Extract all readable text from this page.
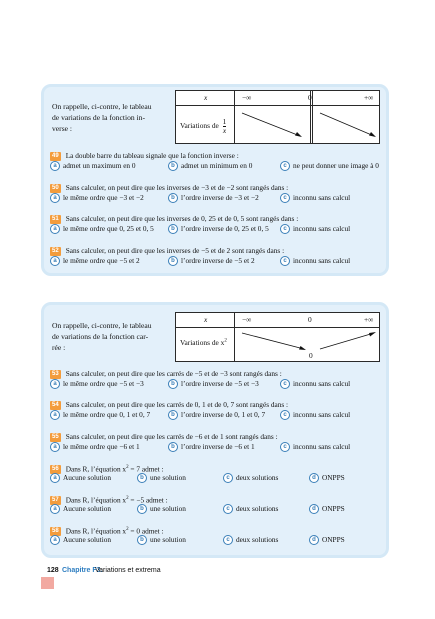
On rappelle, ci-contre, le tableau
de variations de la fonction in-
verse :
x	−∞	0	+∞
Variations de $\frac{1}{x}$
49 La double barre du tableau signale que la fonction inverse :
a admet un maximum en 0	b admet un minimum en 0	c ne peut donner une image à 0
50 Sans calculer, on peut dire que les inverses de −3 et de −2 sont rangés dans :
a le même ordre que −3 et −2	b l’ordre inverse de −3 et −2	c inconnu sans calcul
51 Sans calculer, on peut dire que les inverses de 0, 25 et de 0, 5 sont rangés dans :
a le même ordre que 0, 25 et 0, 5	b l’ordre inverse de 0, 25 et 0, 5	c inconnu sans calcul
52 Sans calculer, on peut dire que les inverses de −5 et de 2 sont rangés dans :
a le même ordre que −5 et 2	b l’ordre inverse de −5 et 2	c inconnu sans calcul
On rappelle, ci-contre, le tableau
de variations de la fonction car-
rée :
x	−∞	0	+∞
Variations de $x^2$
0
53 Sans calculer, on peut dire que les carrés de −5 et de −3 sont rangés dans :
a le même ordre que −5 et −3	b l’ordre inverse de −5 et −3	c inconnu sans calcul
54 Sans calculer, on peut dire que les carrés de 0, 1 et de 0, 7 sont rangés dans :
a le même ordre que 0, 1 et 0, 7	b l’ordre inverse de 0, 1 et 0, 7	c inconnu sans calcul
55 Sans calculer, on peut dire que les carrés de −6 et de 1 sont rangés dans :
a le même ordre que −6 et 1	b l’ordre inverse de −6 et 1	c inconnu sans calcul
56 Dans R, l’équation $x^2 = 7$ admet :
a Aucune solution	b une solution	c deux solutions	d ONPPS
57 Dans R, l’équation $x^2 = -5$ admet :
a Aucune solution	b une solution	c deux solutions	d ONPPS
58 Dans R, l’équation $x^2 = 0$ admet :
a Aucune solution	b une solution	c deux solutions	d ONPPS
128 Chapitre F3.
Variations et extrema
